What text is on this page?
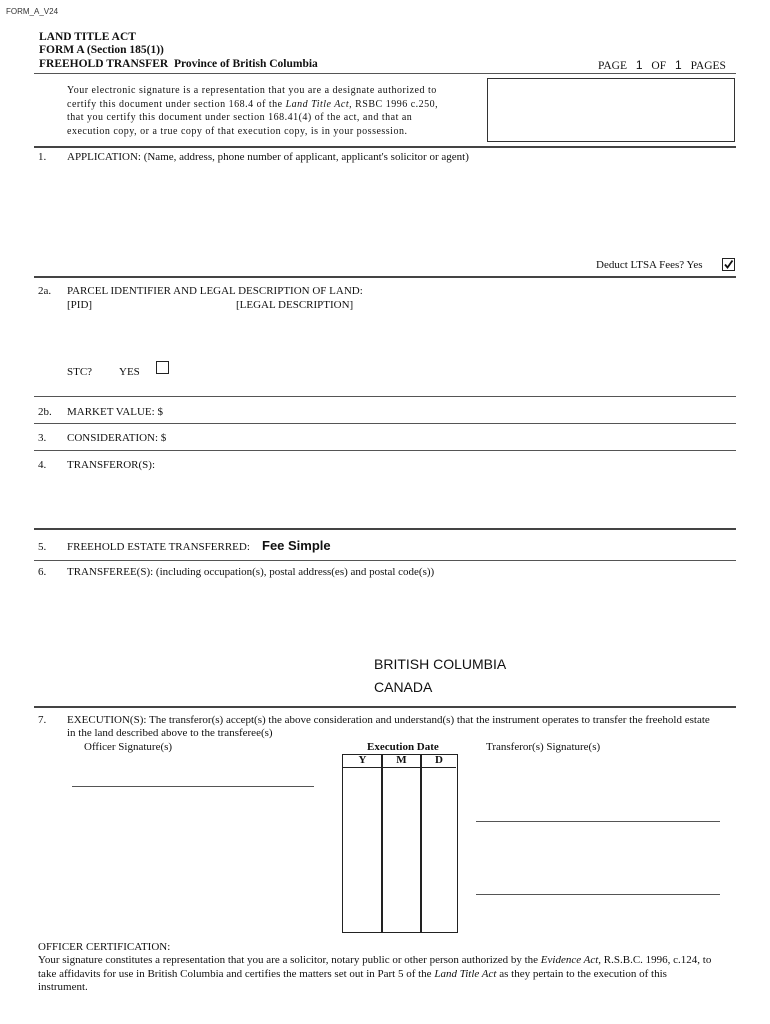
FORM_A_V24
LAND TITLE ACT
FORM A (Section 185(1))
FREEHOLD TRANSFER Province of British Columbia	PAGE 1 OF 1 PAGES
Your electronic signature is a representation that you are a designate authorized to
certify this document under section 168.4 of the Land Title Act, RSBC 1996 c.250,
that you certify this document under section 168.41(4) of the act, and that an
execution copy, or a true copy of that execution copy, is in your possession.
1. APPLICATION: (Name, address, phone number of applicant, applicant's solicitor or agent)
Deduct LTSA Fees? Yes
2a. PARCEL IDENTIFIER AND LEGAL DESCRIPTION OF LAND:
[PID]	[LEGAL DESCRIPTION]
STC? YES
2b. MARKET VALUE: $
3. CONSIDERATION: $
4. TRANSFEROR(S):
5. FREEHOLD ESTATE TRANSFERRED: Fee Simple
6. TRANSFEREE(S): (including occupation(s), postal address(es) and postal code(s))
BRITISH COLUMBIA
CANADA
7. EXECUTION(S): The transferor(s) accept(s) the above consideration and understand(s) that the instrument operates to transfer the freehold estate
in the land described above to the transferee(s)
Officer Signature(s)	Execution Date	Transferor(s) Signature(s)
Y	M	D
OFFICER CERTIFICATION:
Your signature constitutes a representation that you are a solicitor, notary public or other person authorized by the Evidence Act, R.S.B.C. 1996, c.124, to
take affidavits for use in British Columbia and certifies the matters set out in Part 5 of the Land Title Act as they pertain to the execution of this
instrument.
